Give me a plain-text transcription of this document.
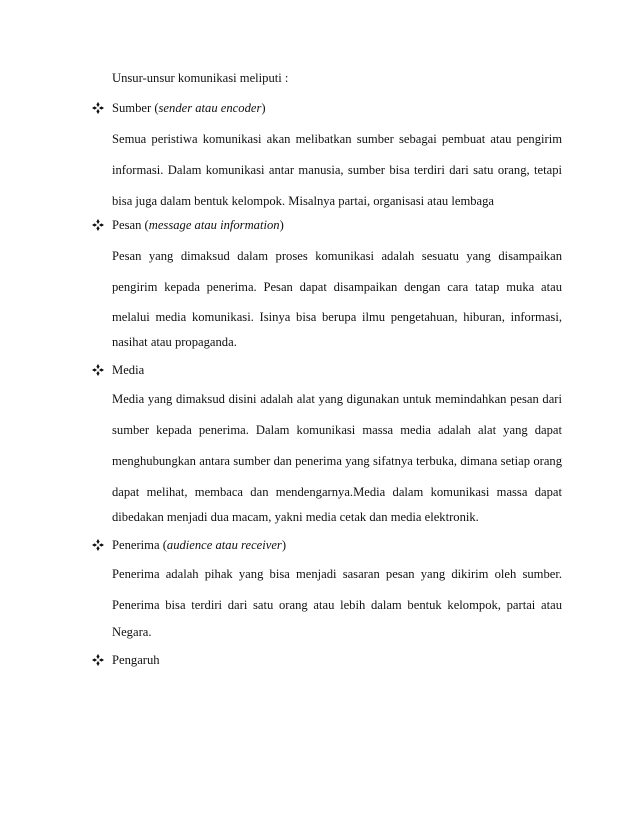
Unsur-unsur komunikasi meliputi :
Sumber (sender atau encoder)
Semua peristiwa komunikasi akan melibatkan sumber sebagai pembuat atau pengirim
informasi. Dalam komunikasi antar manusia, sumber bisa terdiri dari satu orang, tetapi
bisa juga dalam bentuk kelompok. Misalnya partai, organisasi atau lembaga
Pesan (message atau information)
Pesan yang dimaksud dalam proses komunikasi adalah sesuatu yang disampaikan
pengirim kepada penerima. Pesan dapat disampaikan dengan cara tatap muka atau
melalui media komunikasi. Isinya bisa berupa ilmu pengetahuan, hiburan, informasi,
nasihat atau propaganda.
Media
Media yang dimaksud disini adalah alat yang digunakan untuk memindahkan pesan dari
sumber kepada penerima. Dalam komunikasi massa media adalah alat yang dapat
menghubungkan antara sumber dan penerima yang sifatnya terbuka, dimana setiap orang
dapat melihat, membaca dan mendengarnya.Media dalam komunikasi massa dapat
dibedakan menjadi dua macam, yakni media cetak dan media elektronik.
Penerima (audience atau receiver)
Penerima adalah pihak yang bisa menjadi sasaran pesan yang dikirim oleh sumber.
Penerima bisa terdiri dari satu orang atau lebih dalam bentuk kelompok, partai atau
Negara.
Pengaruh
